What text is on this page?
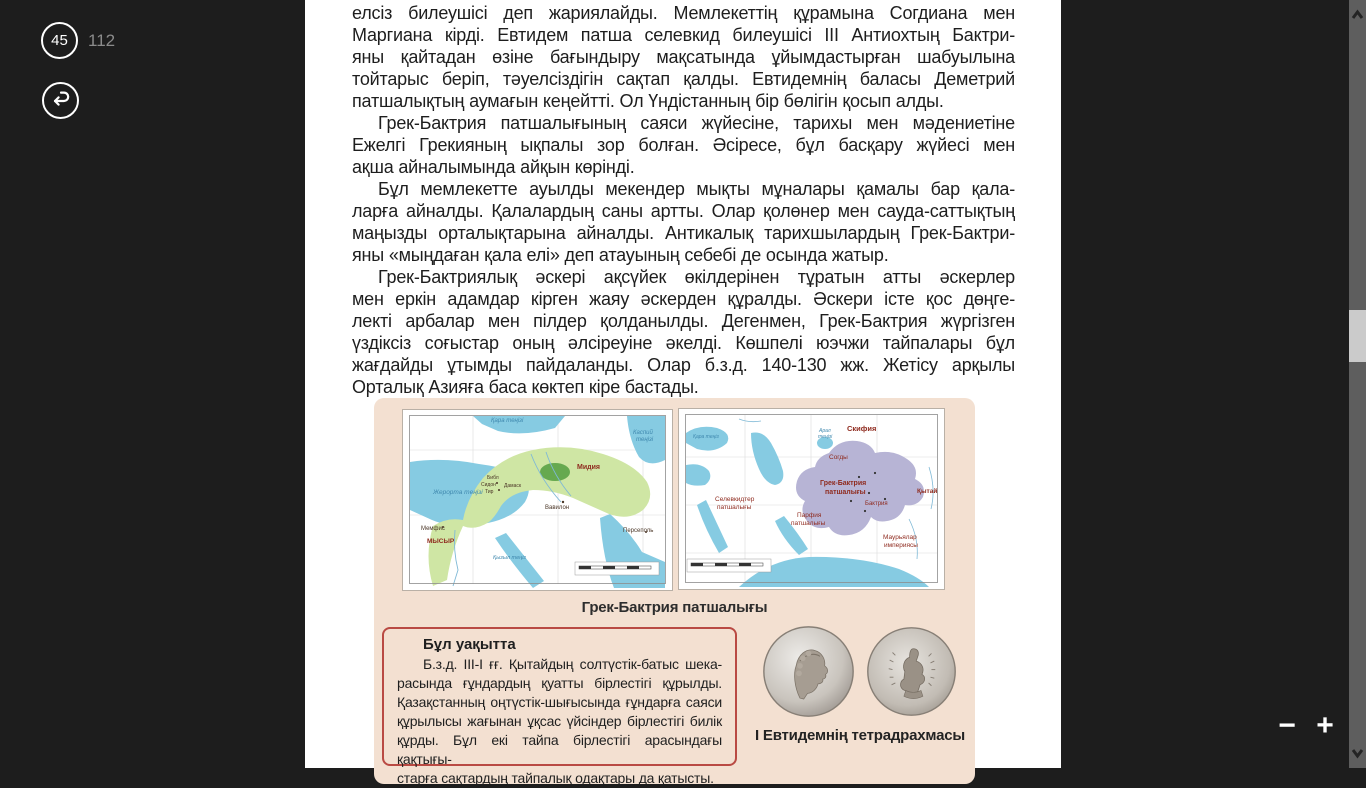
45 112
елсіз билеушісі деп жариялайды. Мемлекеттің құрамына Согдиана мен
Маргиана кірді. Евтидем патша селевкид билеушісі III Антиохтың Бактри-
яны қайтадан өзіне бағындыру мақсатында ұйымдастырған шабуылына
тойтарыс беріп, тәуелсіздігін сақтап қалды. Евтидемнің баласы Деметрий
патшалықтың аумағын кеңейтті. Ол Үндістанның бір бөлігін қосып алды.
Грек-Бактрия патшалығының саяси жүйесіне, тарихы мен мәдениетіне
Ежелгі Грекияның ықпалы зор болған. Әсіресе, бұл басқару жүйесі мен
ақша айналымында айқын көрінді.
Бұл мемлекетте ауылды мекендер мықты мұналары қамалы бар қала-
ларға айналды. Қалалардың саны артты. Олар қолөнер мен сауда-саттықтың
маңызды орталықтарына айналды. Антикалық тарихшылардың Грек-Бактри-
яны «мыңдаған қала елі» деп атауының себебі де осында жатыр.
Грек-Бактриялық әскері ақсүйек өкілдерінен тұратын атты әскерлер
мен еркін адамдар кірген жаяу әскерден құралды. Әскери істе қос дөңге-
лекті арбалар мен пілдер қолданылды. Дегенмен, Грек-Бактрия жүргізген
үздіксіз соғыстар оның әлсіреуіне әкелді. Көшпелі юэчжи тайпалары бұл
жағдайды ұтымды пайдаланды. Олар б.з.д. 140-130 жж. Жетісу арқылы
Орталық Азияға баса көктеп кіре бастады.
Қара теңізі
Каспий
теңізі
Мидия
Жерорта теңізі
Библ
Сидон
Тир
Дамаск
Вавилон
Мемфис
МЫСЫР
Персеполь
Қызыл теңіз
Скифия
Қара теңіз
Арал
теңізі
Согды
Грек-Бактрия
патшалығы
Селевкидтер
патшалығы
Парфия
патшалығы
Бактрия
Қытай
Маурьялар
империясы
Грек-Бактрия патшалығы
Бұл уақытта
Б.з.д. III-I ғғ. Қытайдың солтүстік-батыс шека-
расында ғұндардың қуатты бірлестігі құрылды.
Қазақстанның оңтүстік-шығысында ғұндарға саяси
құрылысы жағынан ұқсас үйсіндер бірлестігі билік
құрды. Бұл екі тайпа бірлестігі арасындағы қақтығы-
старға сақтардың тайпалық одақтары да қатысты.
I Евтидемнің тетрадрахмасы	− +
